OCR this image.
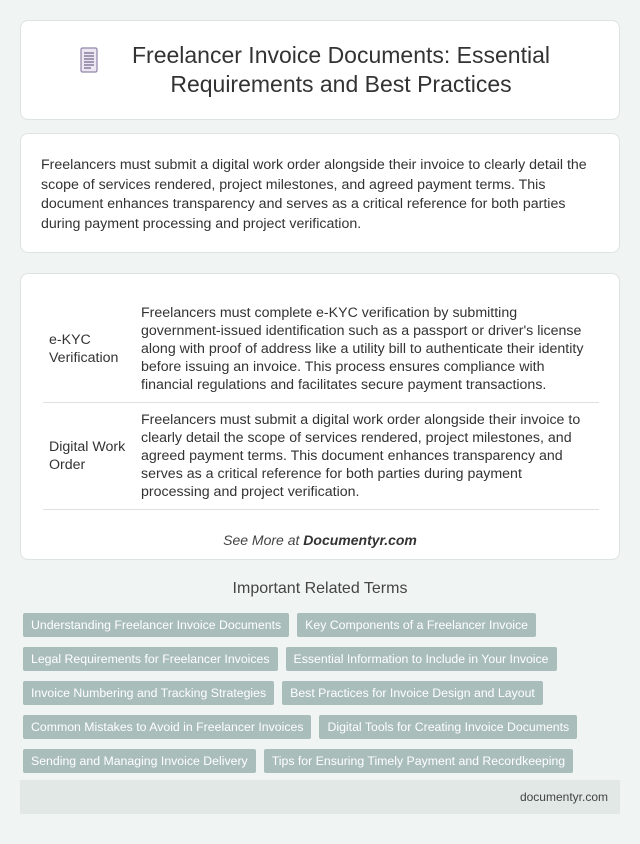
Freelancer Invoice Documents: Essential Requirements and Best Practices

Freelancers must submit a digital work order alongside their invoice to clearly detail the scope of services rendered, project milestones, and agreed payment terms. This document enhances transparency and serves as a critical reference for both parties during payment processing and project verification.

e-KYC Verification	Freelancers must complete e-KYC verification by submitting government-issued identification such as a passport or driver's license along with proof of address like a utility bill to authenticate their identity before issuing an invoice. This process ensures compliance with financial regulations and facilitates secure payment transactions.
Digital Work Order	Freelancers must submit a digital work order alongside their invoice to clearly detail the scope of services rendered, project milestones, and agreed payment terms. This document enhances transparency and serves as a critical reference for both parties during payment processing and project verification.

See More at Documentyr.com

Important Related Terms
Understanding Freelancer Invoice Documents	Key Components of a Freelancer Invoice
Legal Requirements for Freelancer Invoices	Essential Information to Include in Your Invoice
Invoice Numbering and Tracking Strategies	Best Practices for Invoice Design and Layout
Common Mistakes to Avoid in Freelancer Invoices	Digital Tools for Creating Invoice Documents
Sending and Managing Invoice Delivery	Tips for Ensuring Timely Payment and Recordkeeping
documentyr.com
